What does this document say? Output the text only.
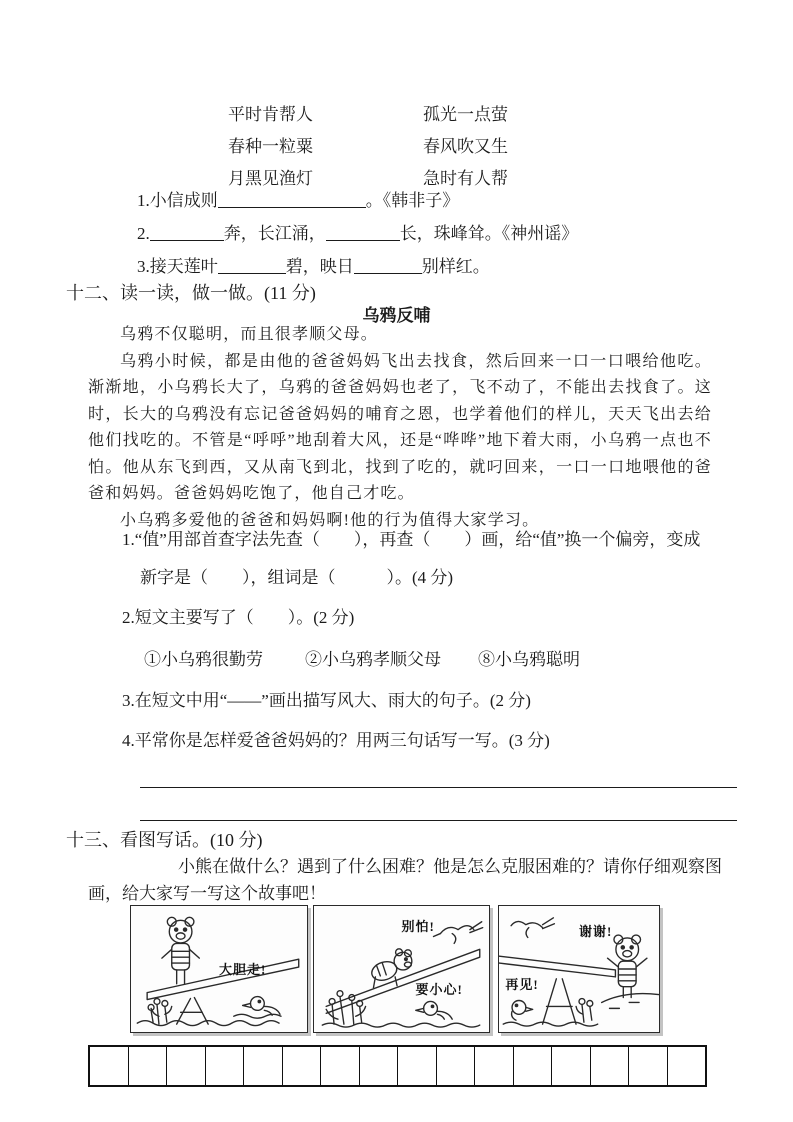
平时肯帮人	孤光一点萤
春种一粒粟	春风吹又生
月黑见渔灯	急时有人帮
1.小信成则	。《韩非子》
2.	奔，长江涌，	长，珠峰耸。《神州谣》
3.接天莲叶	碧，映日	别样红。
十二、读一读，做一做。(11 分)
乌鸦反哺

乌鸦不仅聪明，而且很孝顺父母。

乌鸦小时候，都是由他的爸爸妈妈飞出去找食，然后回来一口一口喂给他吃。渐渐地，小乌鸦长大了，乌鸦的爸爸妈妈也老了，飞不动了，不能出去找食了。这时，长大的乌鸦没有忘记爸爸妈妈的哺育之恩，也学着他们的样儿，天天飞出去给他们找吃的。不管是“呼呼”地刮着大风，还是“哗哗”地下着大雨，小乌鸦一点也不怕。他从东飞到西，又从南飞到北，找到了吃的，就叼回来，一口一口地喂他的爸爸和妈妈。爸爸妈妈吃饱了，他自己才吃。

小乌鸦多爱他的爸爸和妈妈啊!他的行为值得大家学习。

1.“值”用部首查字法先查（　　），再查（　　）画，给“值”换一个偏旁，变成
新字是（　　），组词是（　　　）。(4 分)
2.短文主要写了（　　）。(2 分)
①小乌鸦很勤劳 ②小乌鸦孝顺父母 ⑧小乌鸦聪明
3.在短文中用“——”画出描写风大、雨大的句子。(2 分)
4.平常你是怎样爱爸爸妈妈的？用两三句话写一写。(3 分)
十三、看图写话。(10 分)
小熊在做什么？遇到了什么困难？他是怎么克服困难的？请你仔细观察图
画，给大家写一写这个故事吧！
大胆走!
别怕!
要小心!
谢谢!
再见!
